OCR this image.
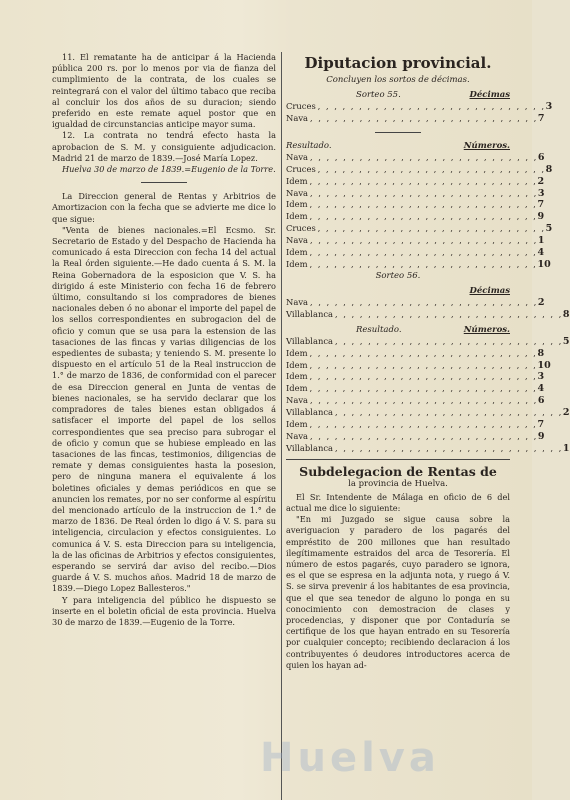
11. El rematante ha de anticipar á la Hacienda pública 200 rs. por lo menos por via de fianza del cumplimiento de la contrata, de los cuales se reintegrará con el valor del último tabaco que reciba al concluir los dos años de su duracion; siendo preferido en este remate aquel postor que en igualdad de circunstancias anticipe mayor suma.

12. La contrata no tendrá efecto hasta la aprobacion de S. M. y consiguiente adjudicacion. Madrid 21 de marzo de 1839.—José María Lopez.

Huelva 30 de marzo de 1839.=Eugenio de la Torre.

La Direccion general de Rentas y Arbitrios de Amortizacion con la fecha que se advierte me dice lo que sigue:

"Venta de bienes nacionales.=El Ecsmo. Sr. Secretario de Estado y del Despacho de Hacienda ha comunicado á esta Direccion con fecha 14 del actual la Real órden siguiente.—He dado cuenta á S. M. la Reina Gobernadora de la esposicion que V. S. ha dirigido á este Ministerio con fecha 16 de febrero último, consultando si los compradores de bienes nacionales deben ó no abonar el importe del papel de los sellos correspondientes en subrogacion del de oficio y comun que se usa para la estension de las tasaciones de las fincas y varias diligencias de los espedientes de subasta; y teniendo S. M. presente lo dispuesto en el artículo 51 de la Real instruccion de 1.° de marzo de 1836, de conformidad con el parecer de esa Direccion general en Junta de ventas de bienes nacionales, se ha servido declarar que los compradores de tales bienes estan obligados á satisfacer el importe del papel de los sellos correspondientes que sea preciso para subrogar el de oficio y comun que se hubiese empleado en las tasaciones de las fincas, testimonios, diligencias de remate y demas consiguientes hasta la posesion, pero de ninguna manera el equivalente á los boletines oficiales y demas periódicos en que se anuncien los remates, por no ser conforme al espíritu del mencionado artículo de la instruccion de 1.° de marzo de 1836. De Real órden lo digo á V. S. para su inteligencia, circulacion y efectos consiguientes. Lo comunica á V. S. esta Direccion para su inteligencia, la de las oficinas de Arbitrios y efectos consiguientes, esperando se servirá dar aviso del recibo.—Dios guarde á V. S. muchos años. Madrid 18 de marzo de 1839.—Diego Lopez Ballesteros."

Y para inteligencia del público he dispuesto se inserte en el boletin oficial de esta provincia. Huelva 30 de marzo de 1839.—Eugenio de la Torre.

Diputacion provincial.
Concluyen los sortos de décimas.
Sorteo 55.	Décimas
Cruces , , , , , , , , , , , , , , , , , , , , , , , , , , , , 3
Nava , , , , , , , , , , , , , , , , , , , , , , , , , , , , 7
Resultado.	Números.
Nava , , , , , , , , , , , , , , , , , , , , , , , , , , , , 6
Cruces , , , , , , , , , , , , , , , , , , , , , , , , , , , , 8
Idem , , , , , , , , , , , , , , , , , , , , , , , , , , , , 2
Nava , , , , , , , , , , , , , , , , , , , , , , , , , , , , 3
Idem , , , , , , , , , , , , , , , , , , , , , , , , , , , , 7
Idem , , , , , , , , , , , , , , , , , , , , , , , , , , , , 9
Cruces , , , , , , , , , , , , , , , , , , , , , , , , , , , , 5
Nava , , , , , , , , , , , , , , , , , , , , , , , , , , , , 1
Idem , , , , , , , , , , , , , , , , , , , , , , , , , , , , 4
Idem , , , , , , , , , , , , , , , , , , , , , , , , , , , , 10
Sorteo 56.
Décimas
Nava , , , , , , , , , , , , , , , , , , , , , , , , , , , , 2
Villablanca , , , , , , , , , , , , , , , , , , , , , , , , , , , , 8
Resultado.	Números.
Villablanca , , , , , , , , , , , , , , , , , , , , , , , , , , , , 5
Idem , , , , , , , , , , , , , , , , , , , , , , , , , , , , 8
Idem , , , , , , , , , , , , , , , , , , , , , , , , , , , , 10
Idem , , , , , , , , , , , , , , , , , , , , , , , , , , , , 3
Idem , , , , , , , , , , , , , , , , , , , , , , , , , , , , 4
Nava , , , , , , , , , , , , , , , , , , , , , , , , , , , , 6
Villablanca , , , , , , , , , , , , , , , , , , , , , , , , , , , , 2
Idem , , , , , , , , , , , , , , , , , , , , , , , , , , , , 7
Nava , , , , , , , , , , , , , , , , , , , , , , , , , , , , 9
Villablanca , , , , , , , , , , , , , , , , , , , , , , , , , , , , 1
Subdelegacion de Rentas de
la provincia de Huelva.

El Sr. Intendente de Málaga en oficio de 6 del actual me dice lo siguiente:

"En mi Juzgado se sigue causa sobre la averiguacion y paradero de los pagarés del empréstito de 200 millones que han resultado ilegítimamente estraidos del arca de Tesorería. El número de estos pagarés, cuyo paradero se ignora, es el que se espresa en la adjunta nota, y ruego á V. S. se sirva prevenir á los habitantes de esa provincia, que el que sea tenedor de alguno lo ponga en su conocimiento con demostracion de clases y procedencias, y disponer que por Contaduría se certifique de los que hayan entrado en su Tesorería por cualquier concepto; recibiendo declaracion á los contribuyentes ó deudores introductores acerca de quien los hayan ad-

Huelva
